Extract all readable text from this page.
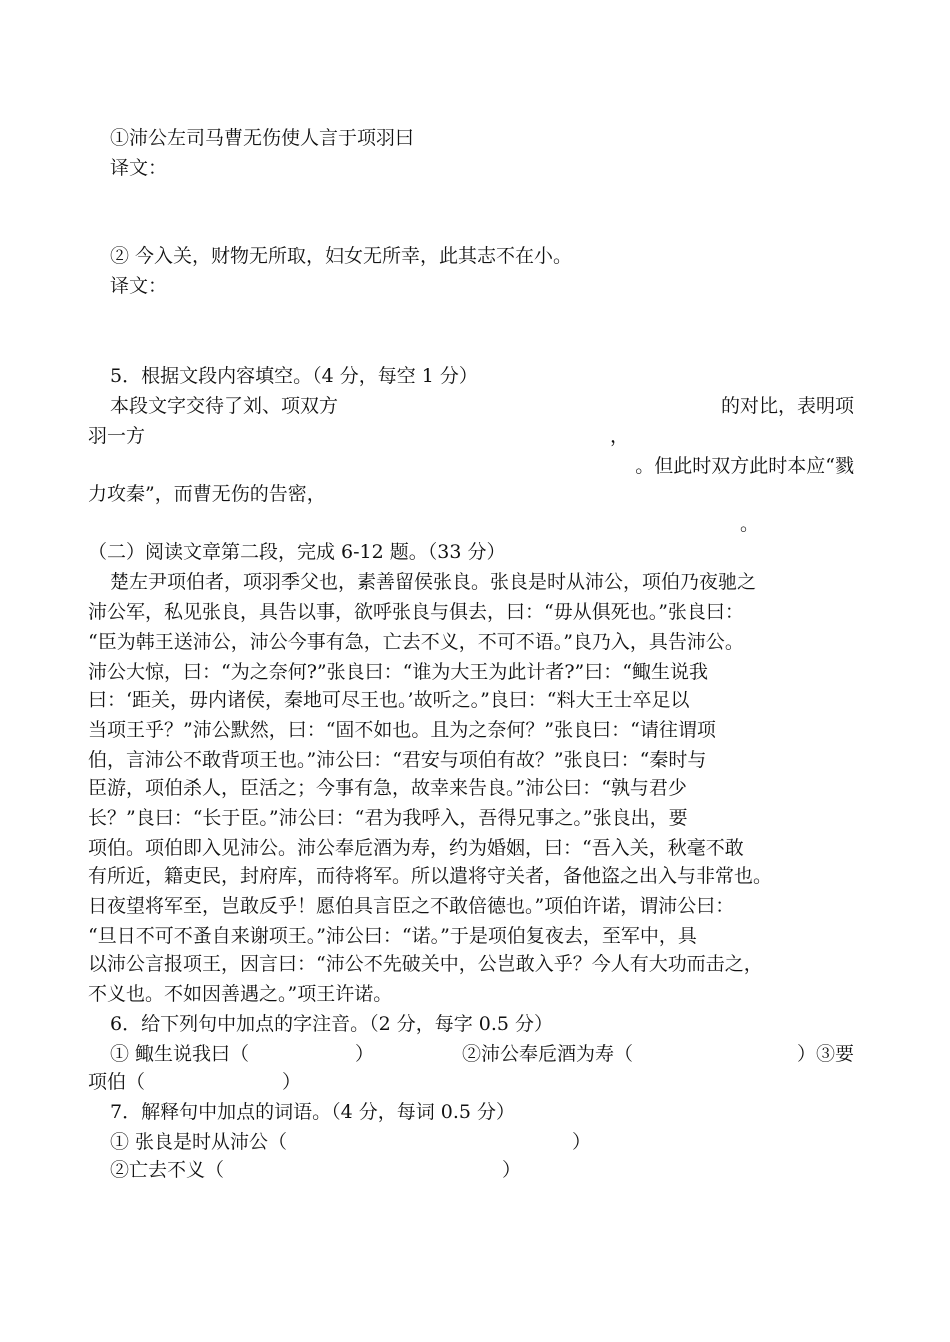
①沛公左司马曹无伤使人言于项羽曰
译文：
② 今入关，财物无所取，妇女无所幸，此其志不在小。
译文：
5．根据文段内容填空。（4 分，每空 1 分）
本段文字交待了刘、项双方	的对比，表明项
羽一方	，
。但此时双方此时本应“戮
力攻秦”，而曹无伤的告密，
。
（二）阅读文章第二段，完成 6-12 题。（33 分）
楚左尹项伯者，项羽季父也，素善留侯张良。张良是时从沛公，项伯乃夜驰之
沛公军，私见张良，具告以事，欲呼张良与俱去，曰：“毋从俱死也。”张良曰：
“臣为韩王送沛公，沛公今事有急，亡去不义，不可不语。”良乃入，具告沛公。
沛公大惊，曰：“为之奈何?”张良曰：“谁为大王为此计者?”曰：“鲰生说我
曰：‘距关，毋内诸侯，秦地可尽王也。’故听之。”良曰：“料大王士卒足以
当项王乎？”沛公默然，曰：“固不如也。且为之奈何？”张良曰：“请往谓项
伯，言沛公不敢背项王也。”沛公曰：“君安与项伯有故？”张良曰：“秦时与
臣游，项伯杀人，臣活之；今事有急，故幸来告良。”沛公曰：“孰与君少
长？”良曰：“长于臣。”沛公曰：“君为我呼入，吾得兄事之。”张良出，要
项伯。项伯即入见沛公。沛公奉卮酒为寿，约为婚姻，曰：“吾入关，秋毫不敢
有所近，籍吏民，封府库，而待将军。所以遣将守关者，备他盗之出入与非常也。
日夜望将军至，岂敢反乎！愿伯具言臣之不敢倍德也。”项伯许诺，谓沛公曰：
“旦日不可不蚤自来谢项王。”沛公曰：“诺。”于是项伯复夜去，至军中，具
以沛公言报项王，因言曰：“沛公不先破关中，公岂敢入乎？今人有大功而击之，
不义也。不如因善遇之。”项王许诺。
6．给下列句中加点的字注音。（2 分，每字 0.5 分）
① 鲰生说我曰（	）	②沛公奉卮酒为寿（	）③要
项伯（	）
7．解释句中加点的词语。（4 分，每词 0.5 分）
① 张良是时从沛公（	）
②亡去不义（	）
